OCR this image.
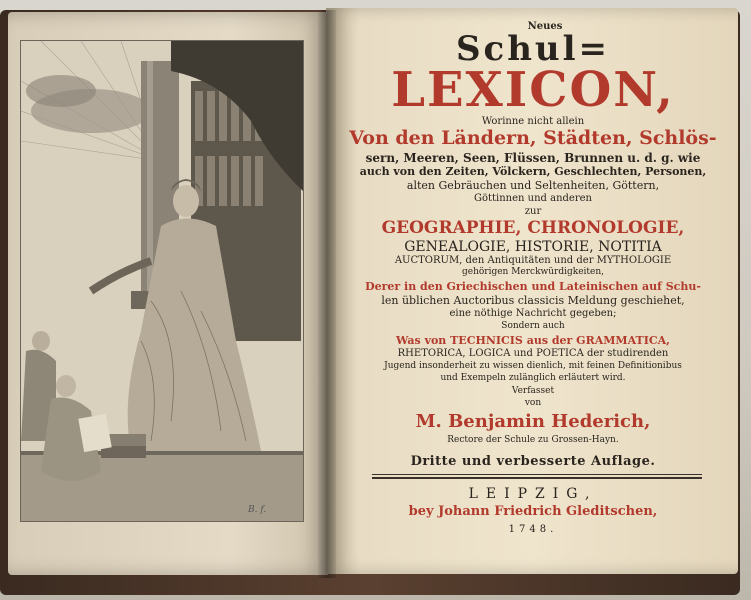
B. f.
Neues
Schul=
LEXICON,
Worinne nicht allein
Von den Ländern, Städten, Schlös-
sern, Meeren, Seen, Flüssen, Brunnen u. d. g. wie
auch von den Zeiten, Völckern, Geschlechten, Personen,
alten Gebräuchen und Seltenheiten, Göttern,
Göttinnen und anderen
zur
GEOGRAPHIE, CHRONOLOGIE,
GENEALOGIE, HISTORIE, NOTITIA
AUCTORUM, den Antiquitäten und der MYTHOLOGIE
gehörigen Merckwürdigkeiten,
Derer in den Griechischen und Lateinischen auf Schu-
len üblichen Auctoribus classicis Meldung geschiehet,
eine nöthige Nachricht gegeben;
Sondern auch
Was von TECHNICIS aus der GRAMMATICA,
RHETORICA, LOGICA und POETICA der studirenden
Jugend insonderheit zu wissen dienlich, mit feinen Definitionibus
und Exempeln zulänglich erläutert wird.
Verfasset
von
M. Benjamin Hederich,
Rectore der Schule zu Grossen-Hayn.
Dritte und verbesserte Auflage.
LEIPZIG,
bey Johann Friedrich Gleditschen,
1748.
